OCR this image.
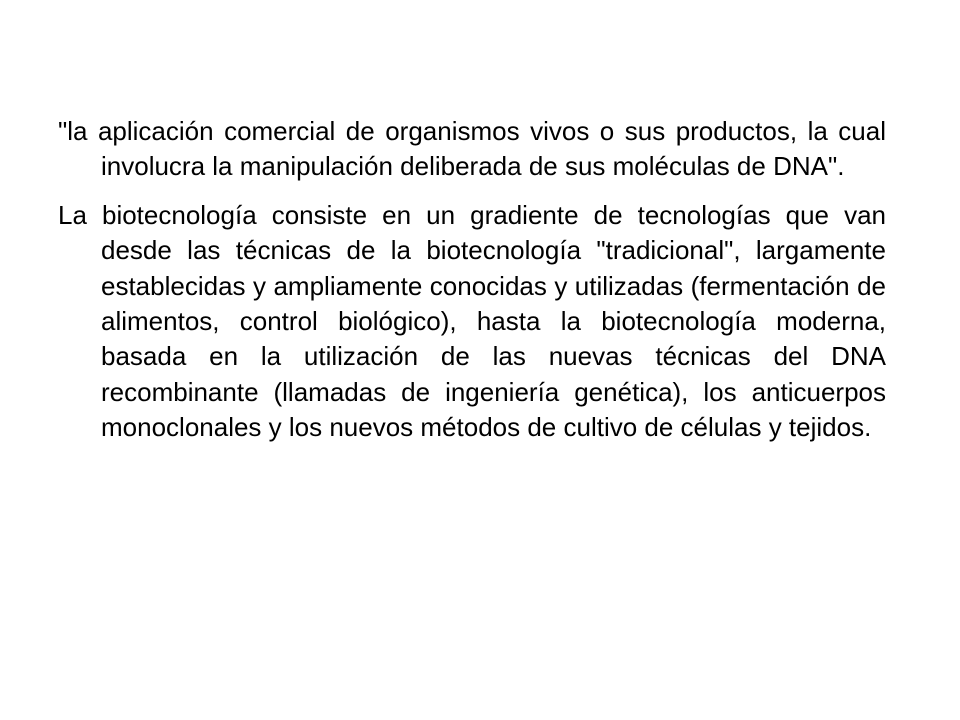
"la aplicación comercial de organismos vivos o sus productos, la cual involucra la manipulación deliberada de sus moléculas de DNA".

La biotecnología consiste en un gradiente de tecnologías que van desde las técnicas de la biotecnología "tradicional", largamente establecidas y ampliamente conocidas y utilizadas (fermentación de alimentos, control biológico), hasta la biotecnología moderna, basada en la utilización de las nuevas técnicas del DNA recombinante (llamadas de ingeniería genética), los anticuerpos monoclonales y los nuevos métodos de cultivo de células y tejidos.
